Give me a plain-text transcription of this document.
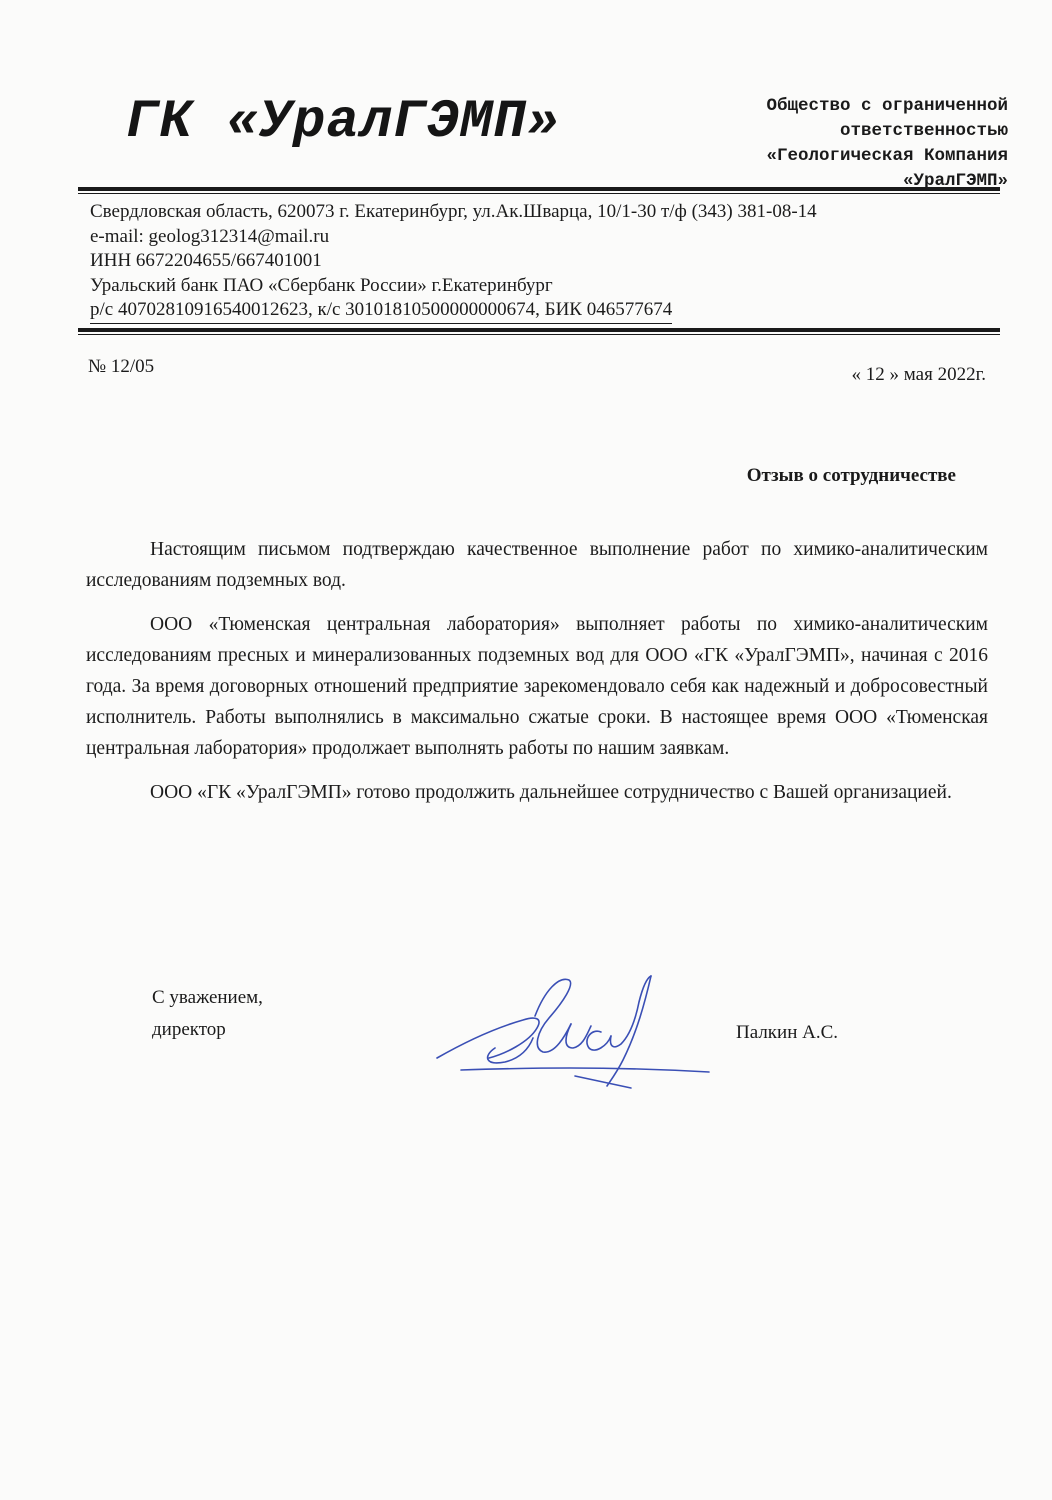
ГК «УралГЭМП»	Общество с ограниченной
ответственностью
«Геологическая Компания
«УралГЭМП»
Свердловская область, 620073 г. Екатеринбург, ул.Ак.Шварца, 10/1-30 т/ф (343) 381-08-14
e-mail: geolog312314@mail.ru
ИНН 6672204655/667401001
Уральский банк ПАО «Сбербанк России» г.Екатеринбург
р/с 40702810916540012623, к/с 30101810500000000674, БИК 046577674
№ 12/05	« 12 » мая 2022г.
Отзыв о сотрудничестве

Настоящим письмом подтверждаю качественное выполнение работ по химико-аналитическим исследованиям подземных вод.

ООО «Тюменская центральная лаборатория» выполняет работы по химико-аналитическим исследованиям пресных и минерализованных подземных вод для ООО «ГК «УралГЭМП», начиная с 2016 года. За время договорных отношений предприятие зарекомендовало себя как надежный и добросовестный исполнитель. Работы выполнялись в максимально сжатые сроки. В настоящее время ООО «Тюменская центральная лаборатория» продолжает выполнять работы по нашим заявкам.

ООО «ГК «УралГЭМП» готово продолжить дальнейшее сотрудничество с Вашей организацией.

С уважением,
директор	Палкин А.С.
